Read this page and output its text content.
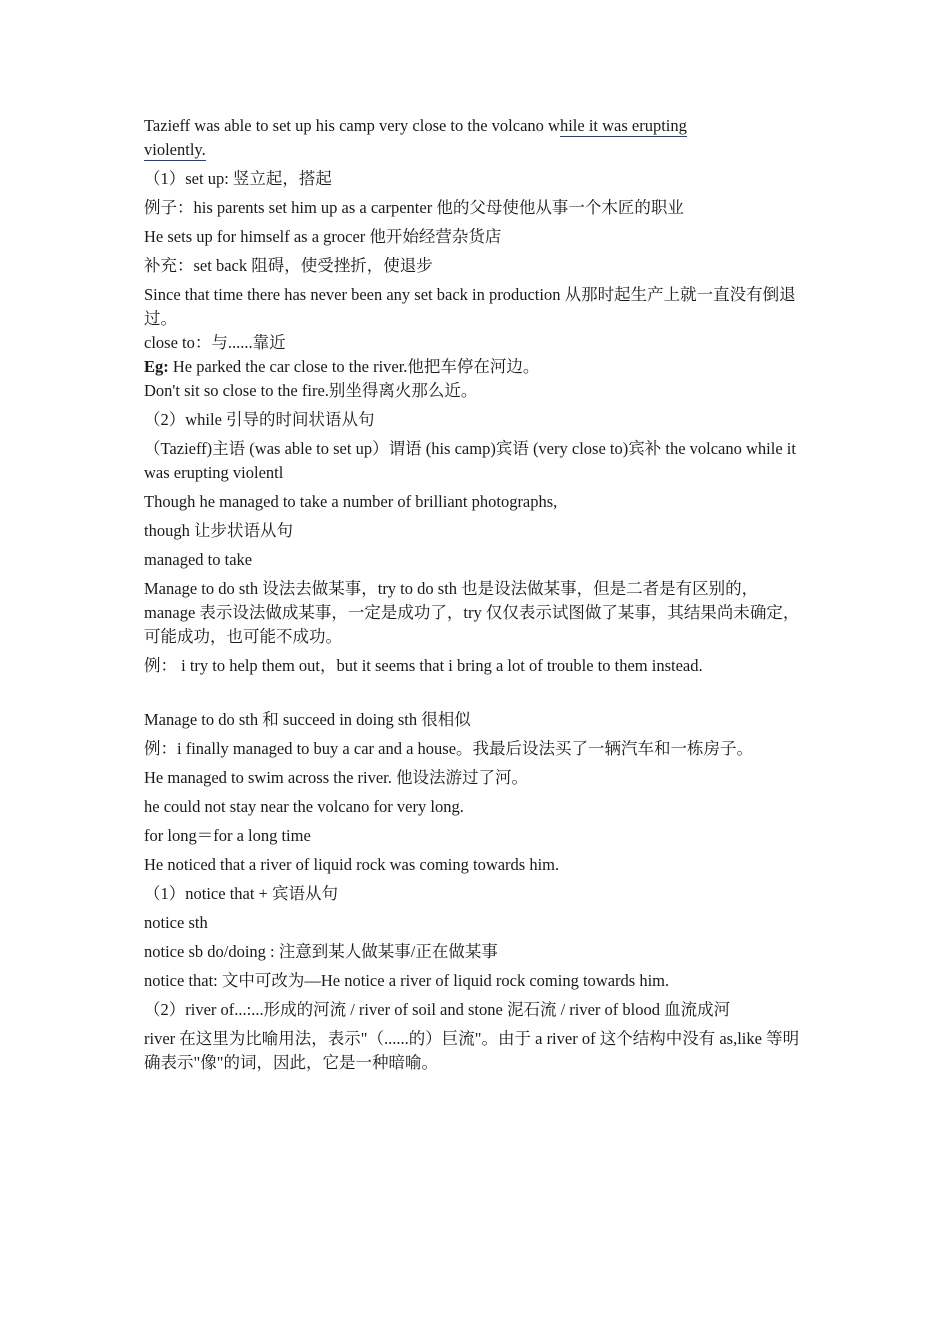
Tazieff was able to set up his camp very close to the volcano while it was erupting

violently.

（1）set up: 竖立起，搭起

例子：his parents set him up as a carpenter 他的父母使他从事一个木匠的职业

He sets up for himself as a grocer 他开始经营杂货店

补充：set back 阻碍，使受挫折，使退步

Since that time there has never been any set back in production 从那时起生产上就一直没有倒退过。

close to：与......靠近

Eg: He parked the car close to the river.他把车停在河边。

Don't sit so close to the fire.别坐得离火那么近。

（2）while 引导的时间状语从句

（Tazieff)主语 (was able to set up）谓语 (his camp)宾语 (very close to)宾补 the volcano while it was erupting violentl

Though he managed to take a number of brilliant photographs,

though 让步状语从句

managed to take

Manage to do sth 设法去做某事，try to do sth 也是设法做某事，但是二者是有区别的，manage 表示设法做成某事，一定是成功了，try 仅仅表示试图做了某事，其结果尚未确定，可能成功，也可能不成功。

例： i try to help them out，but it seems that i bring a lot of trouble to them instead.

Manage to do sth 和 succeed in doing sth 很相似

例：i finally managed to buy a car and a house。我最后设法买了一辆汽车和一栋房子。

He managed to swim across the river. 他设法游过了河。

he could not stay near the volcano for very long.

for long＝for a long time

He noticed that a river of liquid rock was coming towards him.

（1）notice that + 宾语从句

notice sth

notice sb do/doing : 注意到某人做某事/正在做某事

notice that: 文中可改为—He notice a river of liquid rock coming towards him.

（2）river of...:...形成的河流 / river of soil and stone 泥石流 / river of blood 血流成河

river 在这里为比喻用法，表示"（......的）巨流"。由于 a river of 这个结构中没有 as,like 等明确表示"像"的词，因此，它是一种暗喻。
